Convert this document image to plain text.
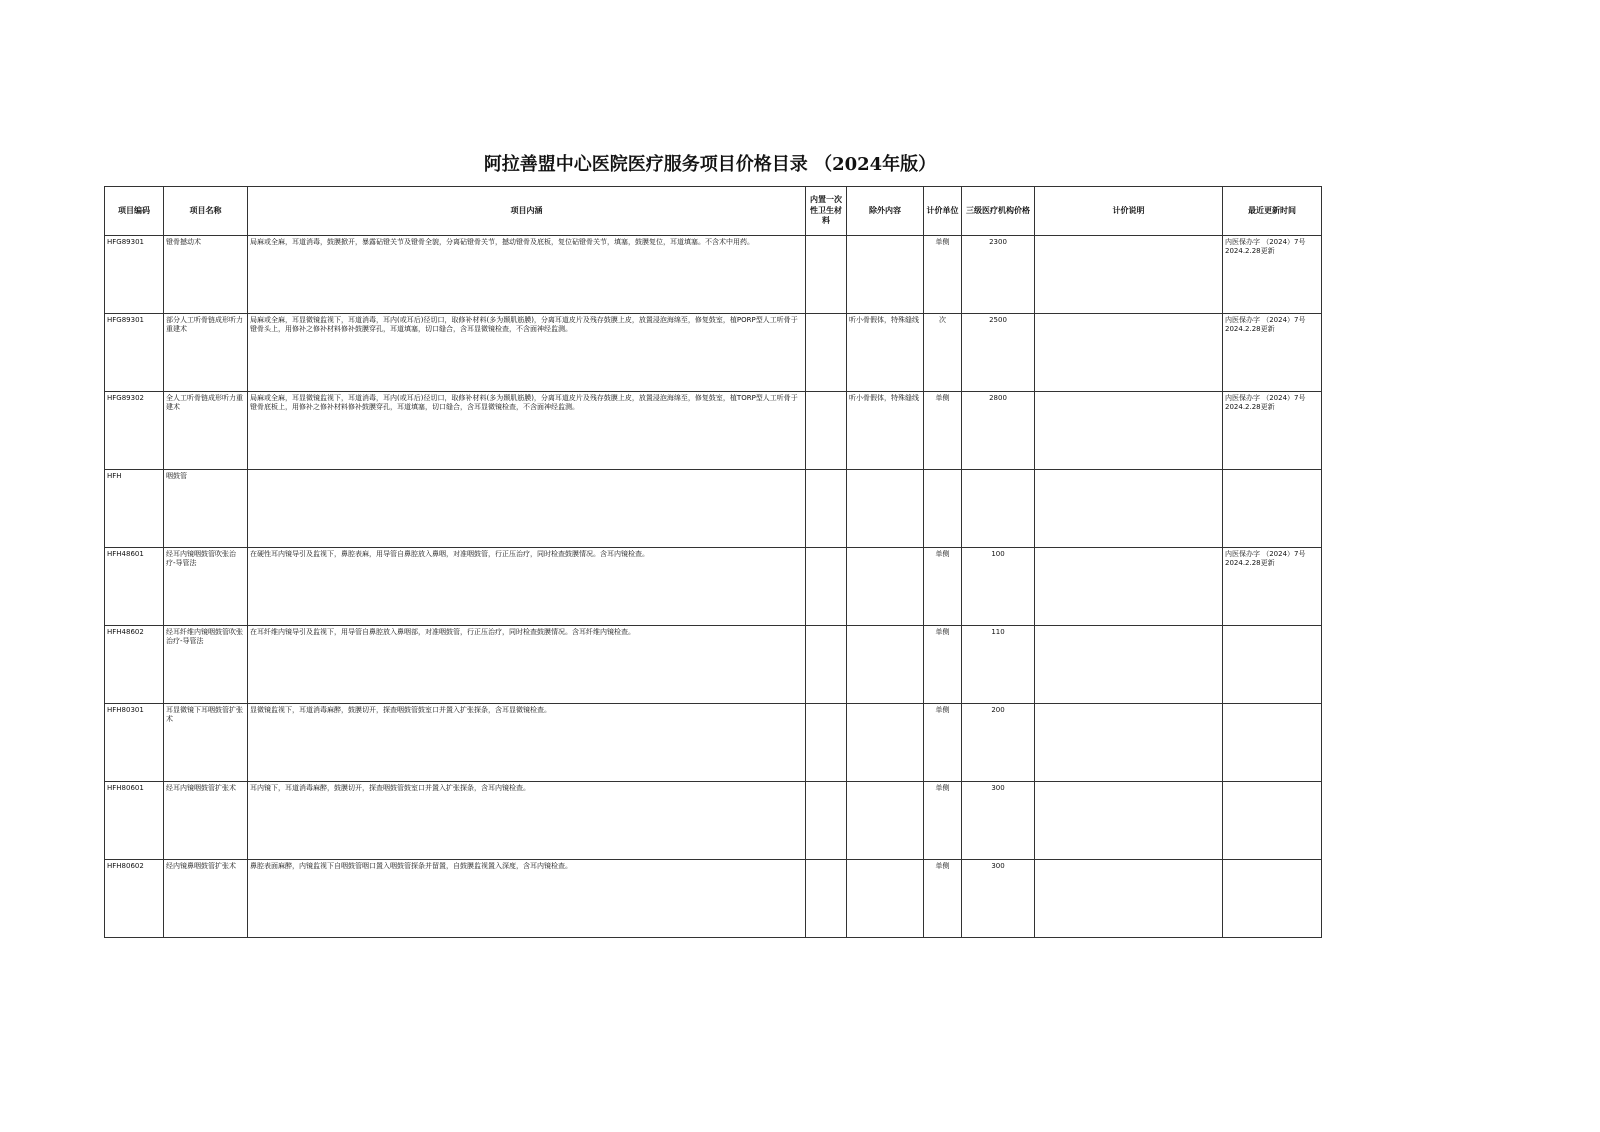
阿拉善盟中心医院医疗服务项目价格目录 （2024年版）
项目编码	项目名称	项目内涵	内置一次性卫生材料	除外内容	计价单位	三级医疗机构价格	计价说明	最近更新时间
HFG89301	镫骨撼动术	局麻或全麻，耳道消毒，鼓膜掀开，暴露砧镫关节及镫骨全貌，分离砧镫骨关节，撼动镫骨及底板，复位砧镫骨关节，填塞，鼓膜复位，耳道填塞。不含术中用药。			单侧	2300		内医保办字 （2024）7号 2024.2.28更新
HFG89301	部分人工听骨链成形听力重建术	局麻或全麻，耳显微镜监视下，耳道消毒，耳内(或耳后)径切口，取修补材料(多为颞肌筋膜)，分离耳道皮片及残存鼓膜上皮，放置浸泡海绵至，修复鼓室，植PORP型人工听骨于镫骨头上，用修补之修补材料修补鼓膜穿孔，耳道填塞，切口缝合，含耳显微镜检查，不含面神经监测。		听小骨假体，特殊缝线	次	2500		内医保办字 （2024）7号 2024.2.28更新
HFG89302	全人工听骨链成形听力重建术	局麻或全麻，耳显微镜监视下，耳道消毒，耳内(或耳后)径切口，取修补材料(多为颞肌筋膜)，分离耳道皮片及残存鼓膜上皮，放置浸泡海绵至，修复鼓室，植TORP型人工听骨于镫骨底板上，用修补之修补材料修补鼓膜穿孔，耳道填塞，切口缝合，含耳显微镜检查，不含面神经监测。		听小骨假体，特殊缝线	单侧	2800		内医保办字 （2024）7号 2024.2.28更新
HFH	咽鼓管							
HFH48601	经耳内镜咽鼓管吹张治疗-导管法	在硬性耳内镜导引及监视下，鼻腔表麻，用导管自鼻腔放入鼻咽，对准咽鼓管，行正压治疗，同时检查鼓膜情况。含耳内镜检查。			单侧	100		内医保办字 （2024）7号 2024.2.28更新
HFH48602	经耳纤维内镜咽鼓管吹张治疗-导管法	在耳纤维内镜导引及监视下，用导管自鼻腔放入鼻咽部，对准咽鼓管，行正压治疗，同时检查鼓膜情况。含耳纤维内镜检查。			单侧	110		
HFH80301	耳显微镜下耳咽鼓管扩张术	显微镜监视下，耳道消毒麻醉，鼓膜切开，探查咽鼓管鼓室口并置入扩张探条，含耳显微镜检查。			单侧	200		
HFH80601	经耳内镜咽鼓管扩张术	耳内镜下，耳道消毒麻醉，鼓膜切开，探查咽鼓管鼓室口并置入扩张探条，含耳内镜检查。			单侧	300		
HFH80602	经内镜鼻咽鼓管扩张术	鼻腔表面麻醉，内镜监视下自咽鼓管咽口置入咽鼓管探条并留置，自鼓膜监视置入深度，含耳内镜检查。			单侧	300		
